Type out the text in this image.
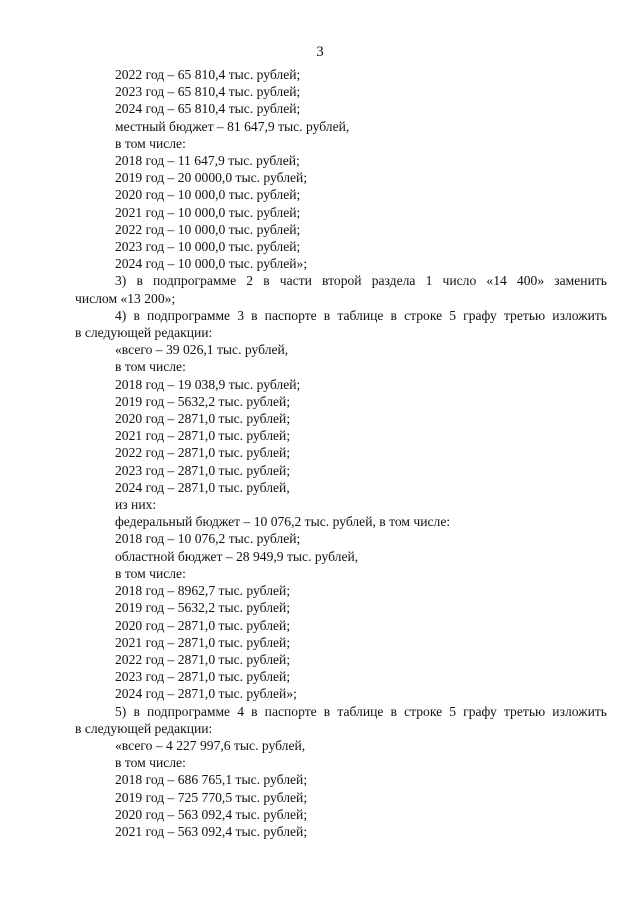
3
2022 год – 65 810,4 тыс. рублей;
2023 год – 65 810,4 тыс. рублей;
2024 год – 65 810,4 тыс. рублей;
местный бюджет – 81 647,9 тыс. рублей,
в том числе:
2018 год – 11 647,9 тыс. рублей;
2019 год – 20 0000,0 тыс. рублей;
2020 год – 10 000,0 тыс. рублей;
2021 год – 10 000,0 тыс. рублей;
2022 год – 10 000,0 тыс. рублей;
2023 год – 10 000,0 тыс. рублей;
2024 год – 10 000,0 тыс. рублей»;
3) в подпрограмме 2 в части второй раздела 1 число «14 400» заменить
числом «13 200»;
4) в подпрограмме 3 в паспорте в таблице в строке 5 графу третью изложить
в следующей редакции:
«всего – 39 026,1 тыс. рублей,
в том числе:
2018 год – 19 038,9 тыс. рублей;
2019 год – 5632,2 тыс. рублей;
2020 год – 2871,0 тыс. рублей;
2021 год – 2871,0 тыс. рублей;
2022 год – 2871,0 тыс. рублей;
2023 год – 2871,0 тыс. рублей;
2024 год – 2871,0 тыс. рублей,
из них:
федеральный бюджет – 10 076,2 тыс. рублей, в том числе:
2018 год – 10 076,2 тыс. рублей;
областной бюджет – 28 949,9 тыс. рублей,
в том числе:
2018 год – 8962,7 тыс. рублей;
2019 год – 5632,2 тыс. рублей;
2020 год – 2871,0 тыс. рублей;
2021 год – 2871,0 тыс. рублей;
2022 год – 2871,0 тыс. рублей;
2023 год – 2871,0 тыс. рублей;
2024 год – 2871,0 тыс. рублей»;
5) в подпрограмме 4 в паспорте в таблице в строке 5 графу третью изложить
в следующей редакции:
«всего – 4 227 997,6 тыс. рублей,
в том числе:
2018 год – 686 765,1 тыс. рублей;
2019 год – 725 770,5 тыс. рублей;
2020 год – 563 092,4 тыс. рублей;
2021 год – 563 092,4 тыс. рублей;
